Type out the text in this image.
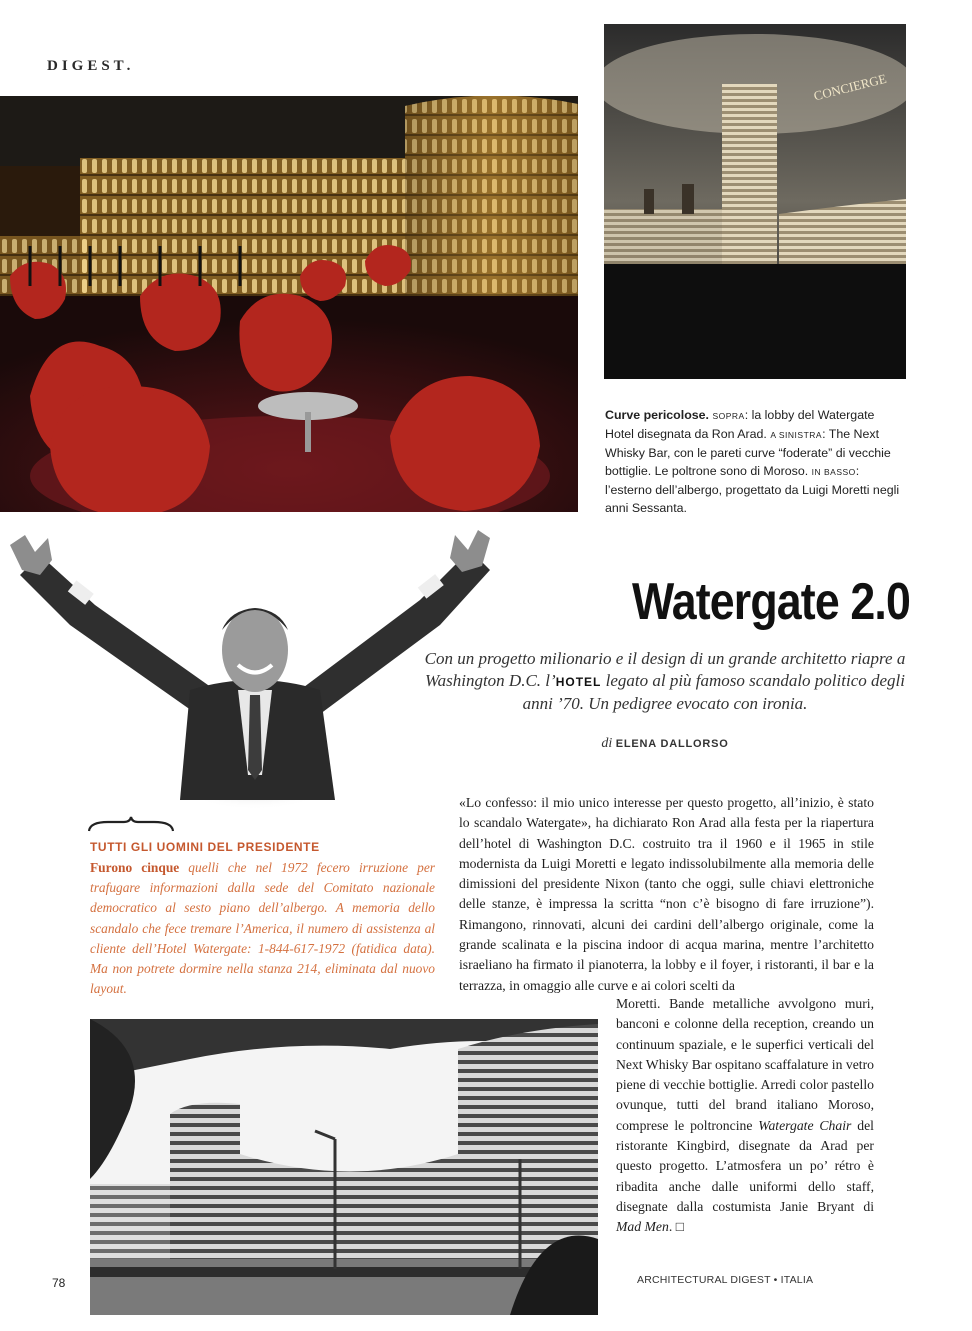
DIGEST.
CONCIERGE
Curve pericolose. SOPRA: la lobby del Watergate Hotel disegnata da Ron Arad. A SINISTRA: The Next Whisky Bar, con le pareti curve “foderate” di vecchie bottiglie. Le poltrone sono di Moroso. IN BASSO: l’esterno dell’albergo, progettato da Luigi Moretti negli anni Sessanta.
Watergate 2.0
Con un progetto milionario e il design di un grande architetto riapre a Washington D.C. l’HOTEL legato al più famoso scandalo politico degli anni ’70. Un pedigree evocato con ironia.
di ELENA DALLORSO
TUTTI GLI UOMINI DEL PRESIDENTE
Furono cinque quelli che nel 1972 fecero irruzione per trafugare informazioni dalla sede del Comitato nazionale democratico al sesto piano dell’albergo. A memoria dello scandalo che fece tremare l’America, il numero di assistenza al cliente dell’Hotel Watergate: 1-844-617-1972 (fatidica data). Ma non potrete dormire nella stanza 214, eliminata dal nuovo layout.
«Lo confesso: il mio unico interesse per questo progetto, all’inizio, è stato lo scandalo Watergate», ha dichiarato Ron Arad alla festa per la riapertura dell’hotel di Washington D.C. costruito tra il 1960 e il 1965 in stile modernista da Luigi Moretti e legato indissolubilmente alla memoria delle dimissioni del presidente Nixon (tanto che oggi, sulle chiavi elettroniche delle stanze, è impressa la scritta “non c’è bisogno di fare irruzione”). Rimangono, rinnovati, alcuni dei cardini dell’albergo originale, come la grande scalinata e la piscina indoor di acqua marina, mentre l’architetto israeliano ha firmato il pianoterra, la lobby e il foyer, i ristoranti, il bar e la terrazza, in omaggio alle curve e ai colori scelti da
Moretti. Bande metalliche avvolgono muri, banconi e colonne della reception, creando un continuum spaziale, e le superfici verticali del Next Whisky Bar ospitano scaffalature in vetro piene di vecchie bottiglie. Arredi color pastello ovunque, tutti del brand italiano Moroso, comprese le poltroncine Watergate Chair del ristorante Kingbird, disegnate da Arad per questo progetto. L’atmosfera un po’ rétro è ribadita anche dalle uniformi dello staff, disegnate dalla costumista Janie Bryant di Mad Men. □
78	ARCHITECTURAL DIGEST • ITALIA
